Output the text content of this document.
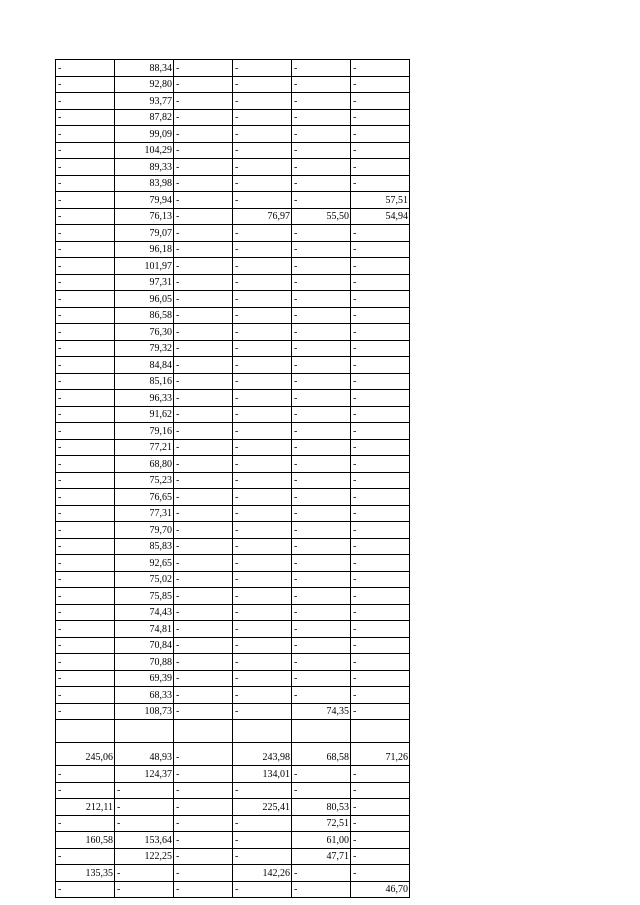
-	88,34	-	-	-	-
-	92,80	-	-	-	-
-	93,77	-	-	-	-
-	87,82	-	-	-	-
-	99,09	-	-	-	-
-	104,29	-	-	-	-
-	89,33	-	-	-	-
-	83,98	-	-	-	-
-	79,94	-	-	-	57,51
-	76,13	-	76,97	55,50	54,94
-	79,07	-	-	-	-
-	96,18	-	-	-	-
-	101,97	-	-	-	-
-	97,31	-	-	-	-
-	96,05	-	-	-	-
-	86,58	-	-	-	-
-	76,30	-	-	-	-
-	79,32	-	-	-	-
-	84,84	-	-	-	-
-	85,16	-	-	-	-
-	96,33	-	-	-	-
-	91,62	-	-	-	-
-	79,16	-	-	-	-
-	77,21	-	-	-	-
-	68,80	-	-	-	-
-	75,23	-	-	-	-
-	76,65	-	-	-	-
-	77,31	-	-	-	-
-	79,70	-	-	-	-
-	85,83	-	-	-	-
-	92,65	-	-	-	-
-	75,02	-	-	-	-
-	75,85	-	-	-	-
-	74,43	-	-	-	-
-	74,81	-	-	-	-
-	70,84	-	-	-	-
-	70,88	-	-	-	-
-	69,39	-	-	-	-
-	68,33	-	-	-	-
-	108,73	-	-	74,35	-

245,06	48,93	-	243,98	68,58	71,26
-	124,37	-	134,01	-	-
-	-	-	-	-	-
212,11	-	-	225,41	80,53	-
-	-	-	-	72,51	-
160,58	153,64	-	-	61,00	-
-	122,25	-	-	47,71	-
135,35	-	-	142,26	-	-
-	-	-	-	-	46,70
